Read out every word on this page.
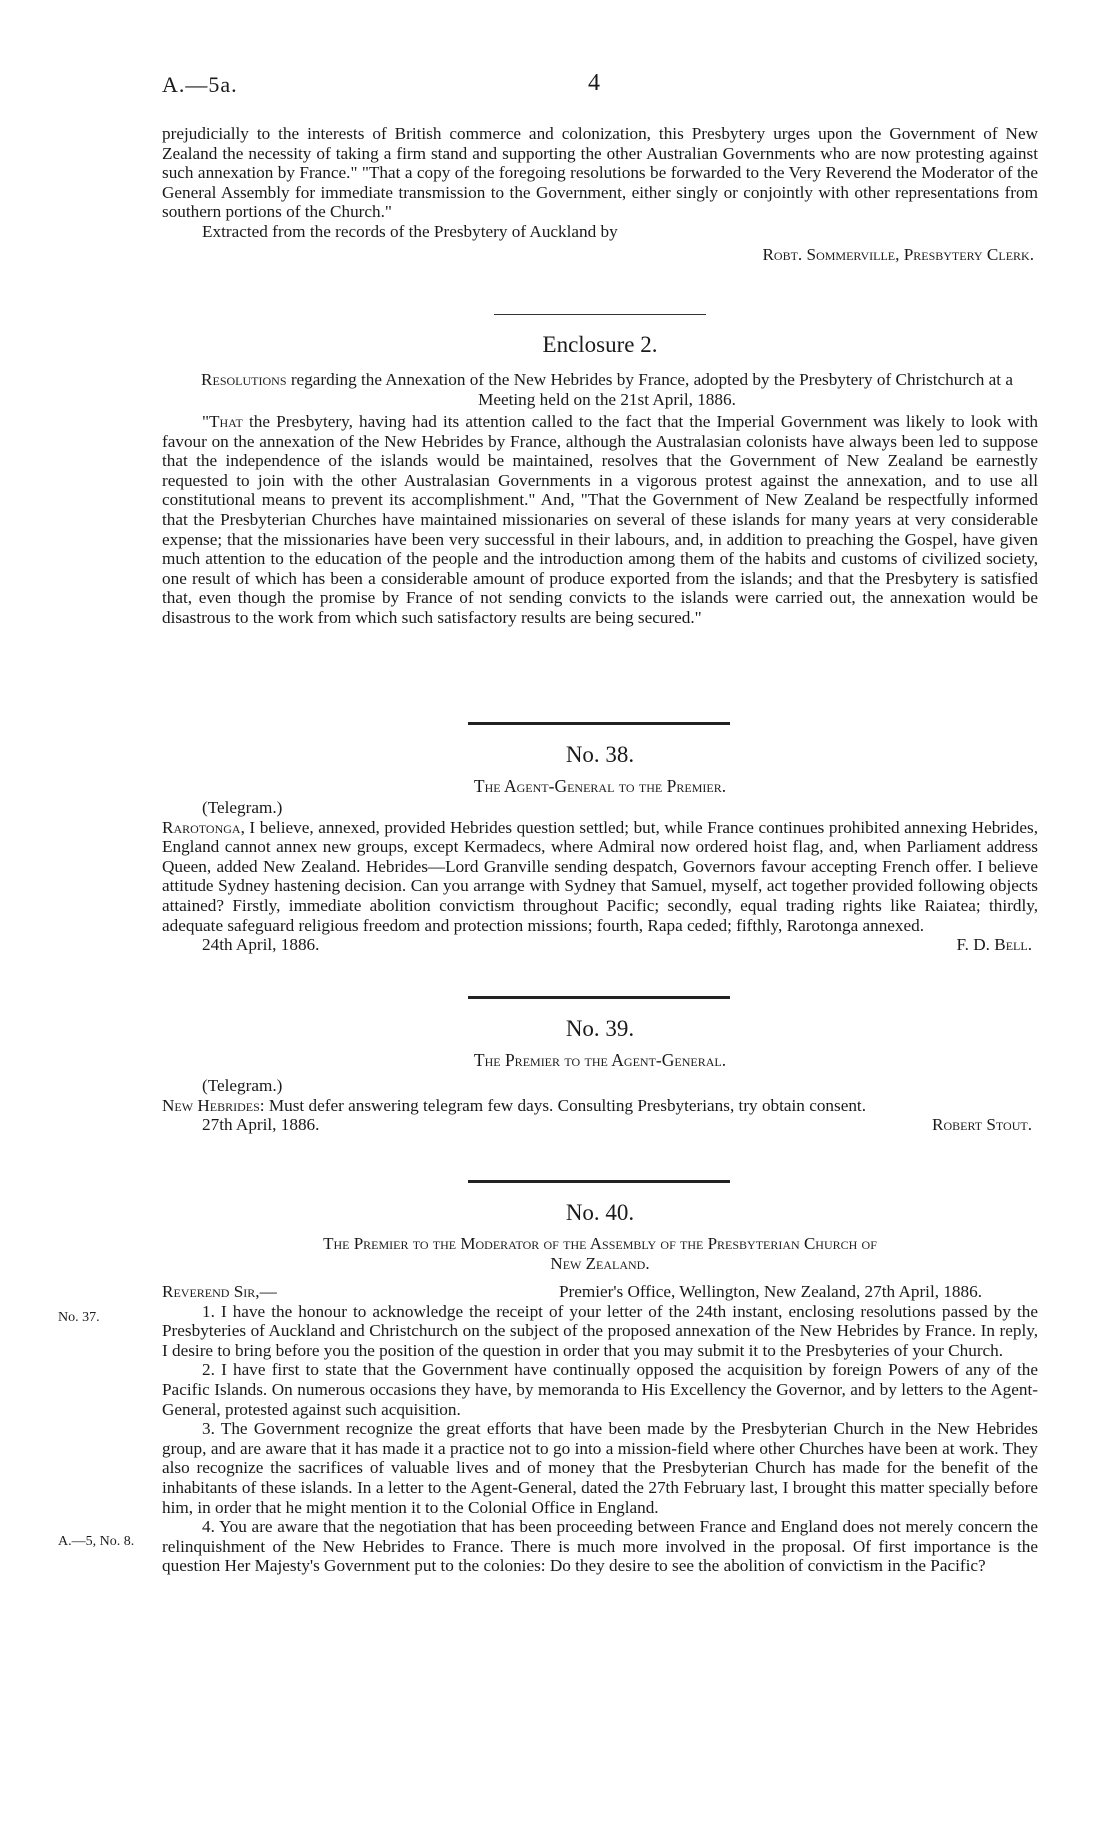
A.—5a.	4

prejudicially to the interests of British commerce and colonization, this Presbytery urges upon the Government of New Zealand the necessity of taking a firm stand and supporting the other Australian Governments who are now protesting against such annexation by France." "That a copy of the foregoing resolutions be forwarded to the Very Reverend the Moderator of the General Assembly for immediate transmission to the Government, either singly or conjointly with other representations from southern portions of the Church."

Extracted from the records of the Presbytery of Auckland by

Robt. Sommerville, Presbytery Clerk.

Enclosure 2.
Resolutions regarding the Annexation of the New Hebrides by France, adopted by the Presbytery of Christchurch at a Meeting held on the 21st April, 1886.

"That the Presbytery, having had its attention called to the fact that the Imperial Government was likely to look with favour on the annexation of the New Hebrides by France, although the Australasian colonists have always been led to suppose that the independence of the islands would be maintained, resolves that the Government of New Zealand be earnestly requested to join with the other Australasian Governments in a vigorous protest against the annexation, and to use all constitutional means to prevent its accomplishment." And, "That the Government of New Zealand be respectfully informed that the Presbyterian Churches have maintained missionaries on several of these islands for many years at very considerable expense; that the missionaries have been very successful in their labours, and, in addition to preaching the Gospel, have given much attention to the education of the people and the introduction among them of the habits and customs of civilized society, one result of which has been a considerable amount of produce exported from the islands; and that the Presbytery is satisfied that, even though the promise by France of not sending convicts to the islands were carried out, the annexation would be disastrous to the work from which such satisfactory results are being secured."

No. 38.
The Agent-General to the Premier.

(Telegram.)

Rarotonga, I believe, annexed, provided Hebrides question settled; but, while France continues prohibited annexing Hebrides, England cannot annex new groups, except Kermadecs, where Admiral now ordered hoist flag, and, when Parliament address Queen, added New Zealand. Hebrides—Lord Granville sending despatch, Governors favour accepting French offer. I believe attitude Sydney hastening decision. Can you arrange with Sydney that Samuel, myself, act together provided following objects attained? Firstly, immediate abolition convictism throughout Pacific; secondly, equal trading rights like Raiatea; thirdly, adequate safeguard religious freedom and protection missions; fourth, Rapa ceded; fifthly, Rarotonga annexed.

24th April, 1886.	F. D. Bell.
No. 39.
The Premier to the Agent-General.

(Telegram.)

New Hebrides: Must defer answering telegram few days. Consulting Presbyterians, try obtain consent.

27th April, 1886.	Robert Stout.
No. 40.
The Premier to the Moderator of the Assembly of the Presbyterian Church of
New Zealand.
No. 37.
A.—5, No. 8.
Reverend Sir,—	Premier's Office, Wellington, New Zealand, 27th April, 1886.

1. I have the honour to acknowledge the receipt of your letter of the 24th instant, enclosing resolutions passed by the Presbyteries of Auckland and Christchurch on the subject of the proposed annexation of the New Hebrides by France. In reply, I desire to bring before you the position of the question in order that you may submit it to the Presbyteries of your Church.

2. I have first to state that the Government have continually opposed the acquisition by foreign Powers of any of the Pacific Islands. On numerous occasions they have, by memoranda to His Excellency the Governor, and by letters to the Agent-General, protested against such acquisition.

3. The Government recognize the great efforts that have been made by the Presbyterian Church in the New Hebrides group, and are aware that it has made it a practice not to go into a mission-field where other Churches have been at work. They also recognize the sacrifices of valuable lives and of money that the Presbyterian Church has made for the benefit of the inhabitants of these islands. In a letter to the Agent-General, dated the 27th February last, I brought this matter specially before him, in order that he might mention it to the Colonial Office in England.

4. You are aware that the negotiation that has been proceeding between France and England does not merely concern the relinquishment of the New Hebrides to France. There is much more involved in the proposal. Of first importance is the question Her Majesty's Government put to the colonies: Do they desire to see the abolition of convictism in the Pacific?
